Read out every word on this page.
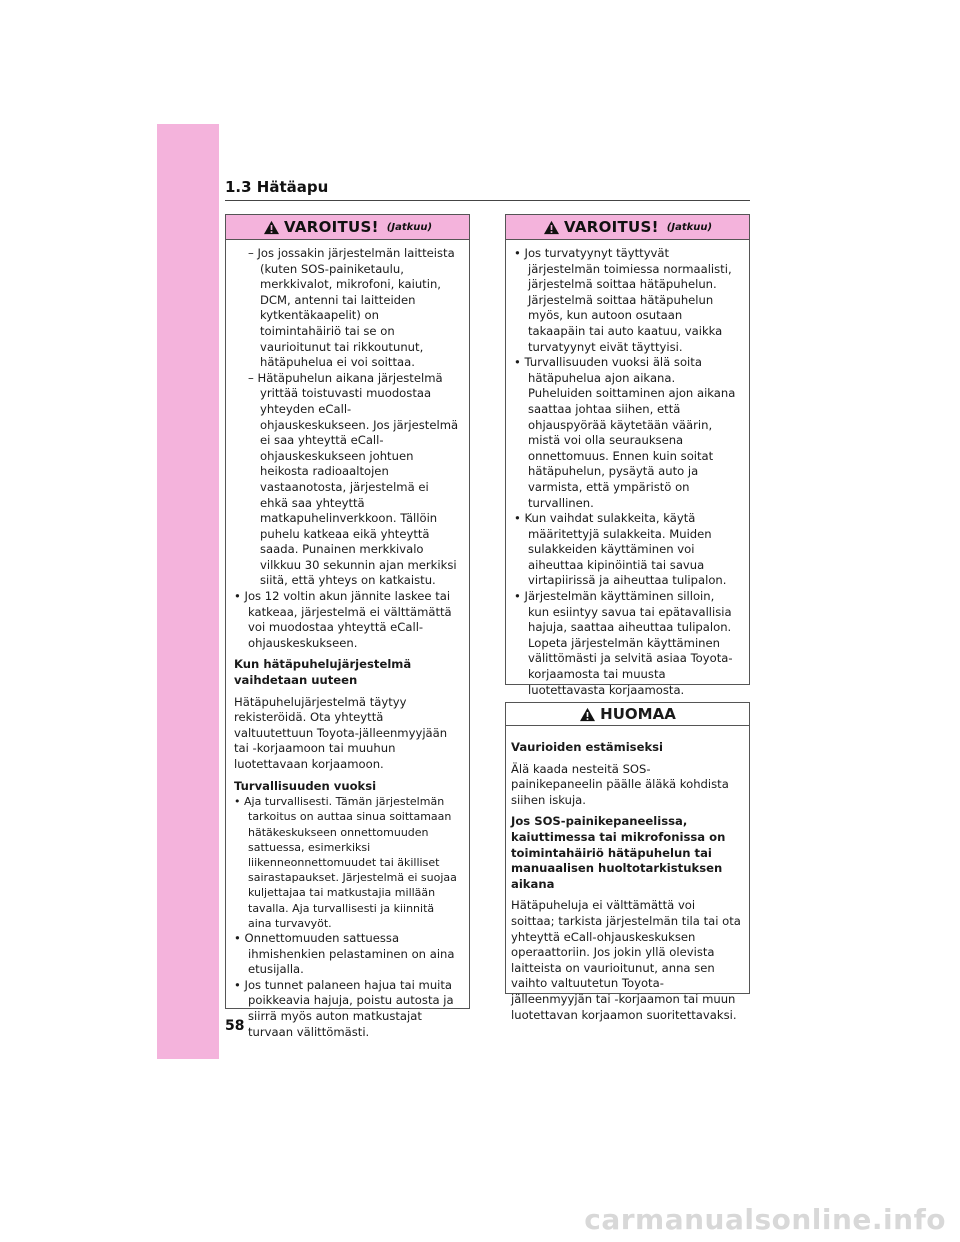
1.3 Hätäapu
VAROITUS! (Jatkuu)

– Jos jossakin järjestelmän laitteista (kuten SOS-painiketaulu, merkkivalot, mikrofoni, kaiutin, DCM, antenni tai laitteiden kytkentäkaapelit) on toimintahäiriö tai se on vaurioitunut tai rikkoutunut, hätäpuhelua ei voi soittaa.

– Hätäpuhelun aikana järjestelmä yrittää toistuvasti muodostaa yhteyden eCall-ohjauskeskukseen. Jos järjestelmä ei saa yhteyttä eCall-ohjauskeskukseen johtuen heikosta radioaaltojen vastaanotosta, järjestelmä ei ehkä saa yhteyttä matkapuhelinverkkoon. Tällöin puhelu katkeaa eikä yhteyttä saada. Punainen merkkivalo vilkkuu 30 sekunnin ajan merkiksi siitä, että yhteys on katkaistu.

• Jos 12 voltin akun jännite laskee tai katkeaa, järjestelmä ei välttämättä voi muodostaa yhteyttä eCall-ohjauskeskukseen.

Kun hätäpuhelujärjestelmä vaihdetaan uuteen

Hätäpuhelujärjestelmä täytyy rekisteröidä. Ota yhteyttä valtuutettuun Toyota-jälleenmyyjään tai -korjaamoon tai muuhun luotettavaan korjaamoon.

Turvallisuuden vuoksi

• Aja turvallisesti. Tämän järjestelmän tarkoitus on auttaa sinua soittamaan hätäkeskukseen onnettomuuden sattuessa, esimerkiksi liikenneonnettomuudet tai äkilliset sairastapaukset. Järjestelmä ei suojaa kuljettajaa tai matkustajia millään tavalla. Aja turvallisesti ja kiinnitä aina turvavyöt.

• Onnettomuuden sattuessa ihmishenkien pelastaminen on aina etusijalla.

• Jos tunnet palaneen hajua tai muita poikkeavia hajuja, poistu autosta ja siirrä myös auton matkustajat turvaan välittömästi.

VAROITUS! (Jatkuu)

• Jos turvatyynyt täyttyvät järjestelmän toimiessa normaalisti, järjestelmä soittaa hätäpuhelun. Järjestelmä soittaa hätäpuhelun myös, kun autoon osutaan takaapäin tai auto kaatuu, vaikka turvatyynyt eivät täyttyisi.

• Turvallisuuden vuoksi älä soita hätäpuhelua ajon aikana. Puheluiden soittaminen ajon aikana saattaa johtaa siihen, että ohjauspyörää käytetään väärin, mistä voi olla seurauksena onnettomuus. Ennen kuin soitat hätäpuhelun, pysäytä auto ja varmista, että ympäristö on turvallinen.

• Kun vaihdat sulakkeita, käytä määritettyjä sulakkeita. Muiden sulakkeiden käyttäminen voi aiheuttaa kipinöintiä tai savua virtapiirissä ja aiheuttaa tulipalon.

• Järjestelmän käyttäminen silloin, kun esiintyy savua tai epätavallisia hajuja, saattaa aiheuttaa tulipalon. Lopeta järjestelmän käyttäminen välittömästi ja selvitä asiaa Toyota-korjaamosta tai muusta luotettavasta korjaamosta.

HUOMAA

Vaurioiden estämiseksi

Älä kaada nesteitä SOS-painikepaneelin päälle äläkä kohdista siihen iskuja.

Jos SOS-painikepaneelissa, kaiuttimessa tai mikrofonissa on toimintahäiriö hätäpuhelun tai manuaalisen huoltotarkistuksen aikana

Hätäpuheluja ei välttämättä voi soittaa; tarkista järjestelmän tila tai ota yhteyttä eCall-ohjauskeskuksen operaattoriin. Jos jokin yllä olevista laitteista on vaurioitunut, anna sen vaihto valtuutetun Toyota-jälleenmyyjän tai -korjaamon tai muun luotettavan korjaamon suoritettavaksi.

58
carmanualsonline.info
